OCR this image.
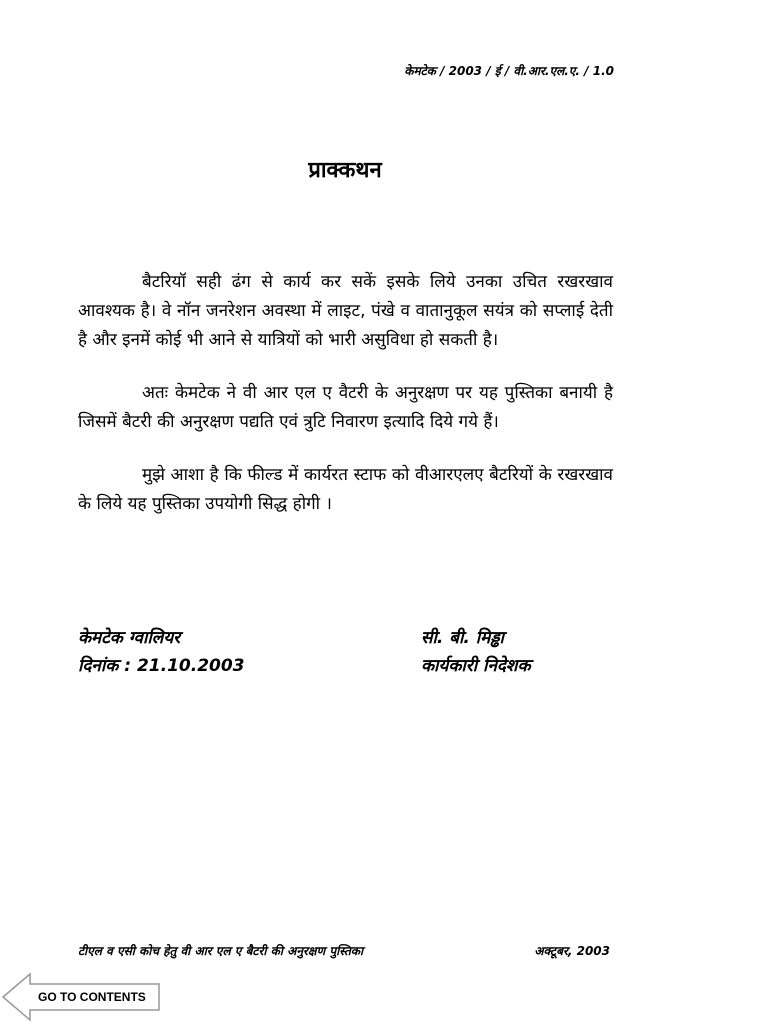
केमटेक / 2003 / ई / वी.आर.एल.ए. / 1.0
प्राक्कथन

बैटरियॉ सही ढंग से कार्य कर सकें इसके लिये उनका उचित रखरखाव आवश्यक है। वे नॉन जनरेशन अवस्था में लाइट, पंखे व वातानुकूल सयंत्र को सप्लाई देती है और इनमें कोई भी आने से यात्रियों को भारी असुविधा हो सकती है।

अतः केमटेक ने वी आर एल ए वैटरी के अनुरक्षण पर यह पुस्तिका बनायी है जिसमें बैटरी की अनुरक्षण पद्यति एवं त्रुटि निवारण इत्यादि दिये गये हैं।

मुझे आशा है कि फील्ड में कार्यरत स्टाफ को वीआरएलए बैटरियों के रखरखाव के लिये यह पुस्तिका उपयोगी सिद्ध होगी ।

केमटेक ग्वालियर
दिनांक : 21.10.2003
सी. बी. मिड्ढा
कार्यकारी निदेशक
टीएल व एसी कोच हेतु वी आर एल ए बैटरी की अनुरक्षण पुस्तिका	अक्टूबर, 2003
GO TO CONTENTS
